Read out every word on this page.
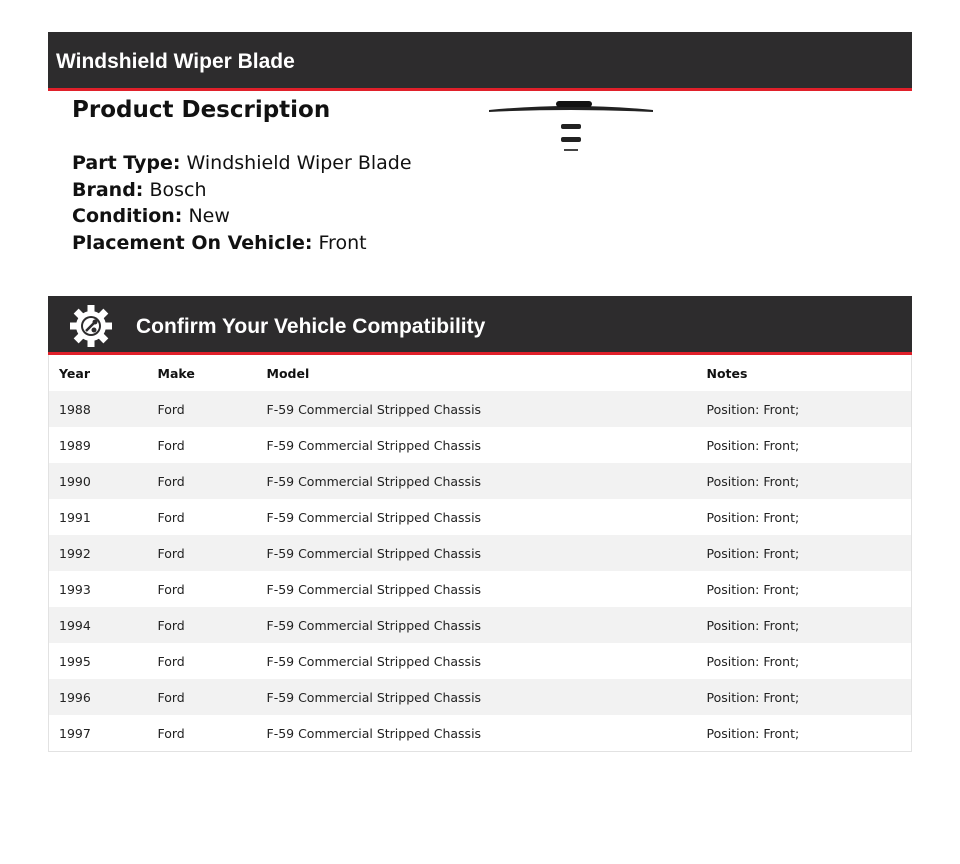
Windshield Wiper Blade
Product Description
Part Type: Windshield Wiper Blade
Brand: Bosch
Condition: New
Placement On Vehicle: Front
Confirm Your Vehicle Compatibility
Year	Make	Model	Notes
1988	Ford	F-59 Commercial Stripped Chassis	Position: Front;
1989	Ford	F-59 Commercial Stripped Chassis	Position: Front;
1990	Ford	F-59 Commercial Stripped Chassis	Position: Front;
1991	Ford	F-59 Commercial Stripped Chassis	Position: Front;
1992	Ford	F-59 Commercial Stripped Chassis	Position: Front;
1993	Ford	F-59 Commercial Stripped Chassis	Position: Front;
1994	Ford	F-59 Commercial Stripped Chassis	Position: Front;
1995	Ford	F-59 Commercial Stripped Chassis	Position: Front;
1996	Ford	F-59 Commercial Stripped Chassis	Position: Front;
1997	Ford	F-59 Commercial Stripped Chassis	Position: Front;
